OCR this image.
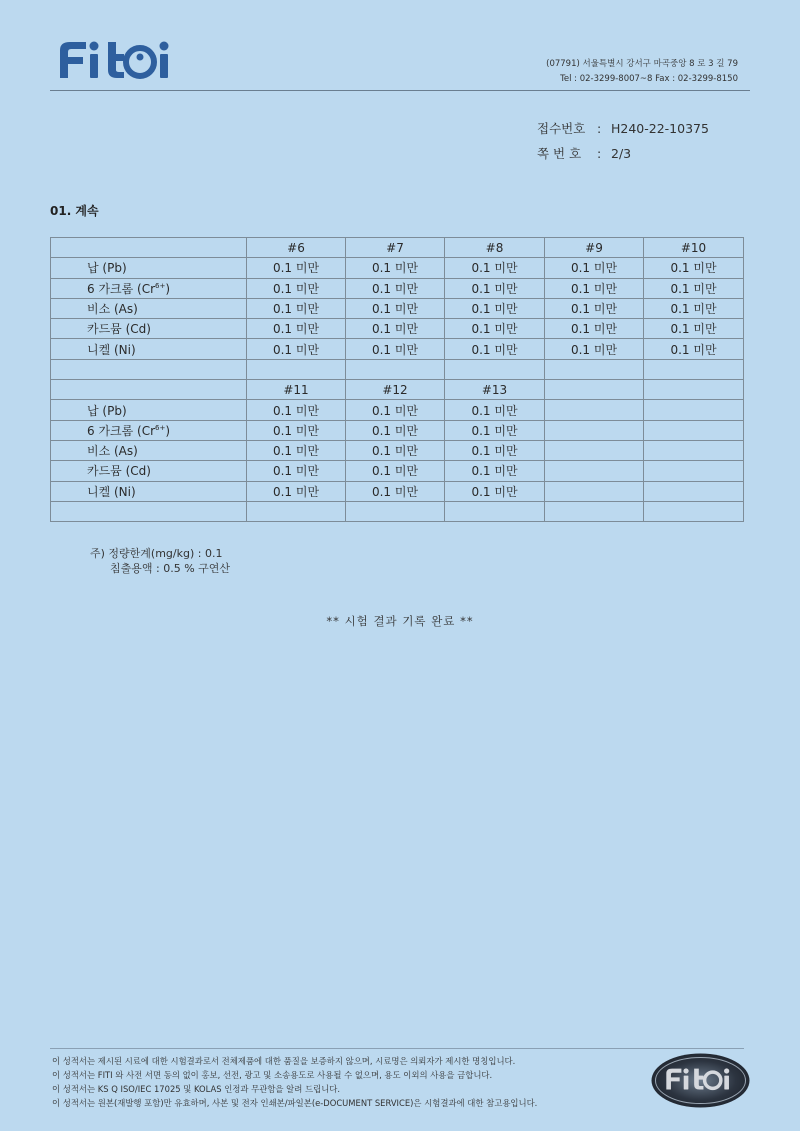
(07791) 서울특별시 강서구 마곡중앙 8 로 3 길 79
Tel : 02-3299-8007~8 Fax : 02-3299-8150
접수번호 : H240-22-10375
쪽 번 호	: 2/3
01. 계속
	#6	#7	#8	#9	#10
납 (Pb)	0.1 미만	0.1 미만	0.1 미만	0.1 미만	0.1 미만
6 가크롬 $(Cr^{6+})$	0.1 미만	0.1 미만	0.1 미만	0.1 미만	0.1 미만
비소 (As)	0.1 미만	0.1 미만	0.1 미만	0.1 미만	0.1 미만
카드뮴 (Cd)	0.1 미만	0.1 미만	0.1 미만	0.1 미만	0.1 미만
니켈 (Ni)	0.1 미만	0.1 미만	0.1 미만	0.1 미만	0.1 미만

	#11	#12	#13		
납 (Pb)	0.1 미만	0.1 미만	0.1 미만		
6 가크롬 $(Cr^{6+})$	0.1 미만	0.1 미만	0.1 미만		
비소 (As)	0.1 미만	0.1 미만	0.1 미만		
카드뮴 (Cd)	0.1 미만	0.1 미만	0.1 미만		
니켈 (Ni)	0.1 미만	0.1 미만	0.1 미만		

주) 정량한계(mg/kg) : 0.1
침출용액 : 0.5 % 구연산
** 시험 결과 기록 완료 **
이 성적서는 제시된 시료에 대한 시험결과로서 전체제품에 대한 품질을 보증하지 않으며, 시료명은 의뢰자가 제시한 명칭입니다.
이 성적서는 FITI 와 사전 서면 동의 없이 홍보, 선전, 광고 및 소송용도로 사용될 수 없으며, 용도 이외의 사용을 금합니다.
이 성적서는 KS Q ISO/IEC 17025 및 KOLAS 인정과 무관함을 알려 드립니다.
이 성적서는 원본(재발행 포함)만 유효하며, 사본 및 전자 인쇄본/파일본(e-DOCUMENT SERVICE)은 시험결과에 대한 참고용입니다.
